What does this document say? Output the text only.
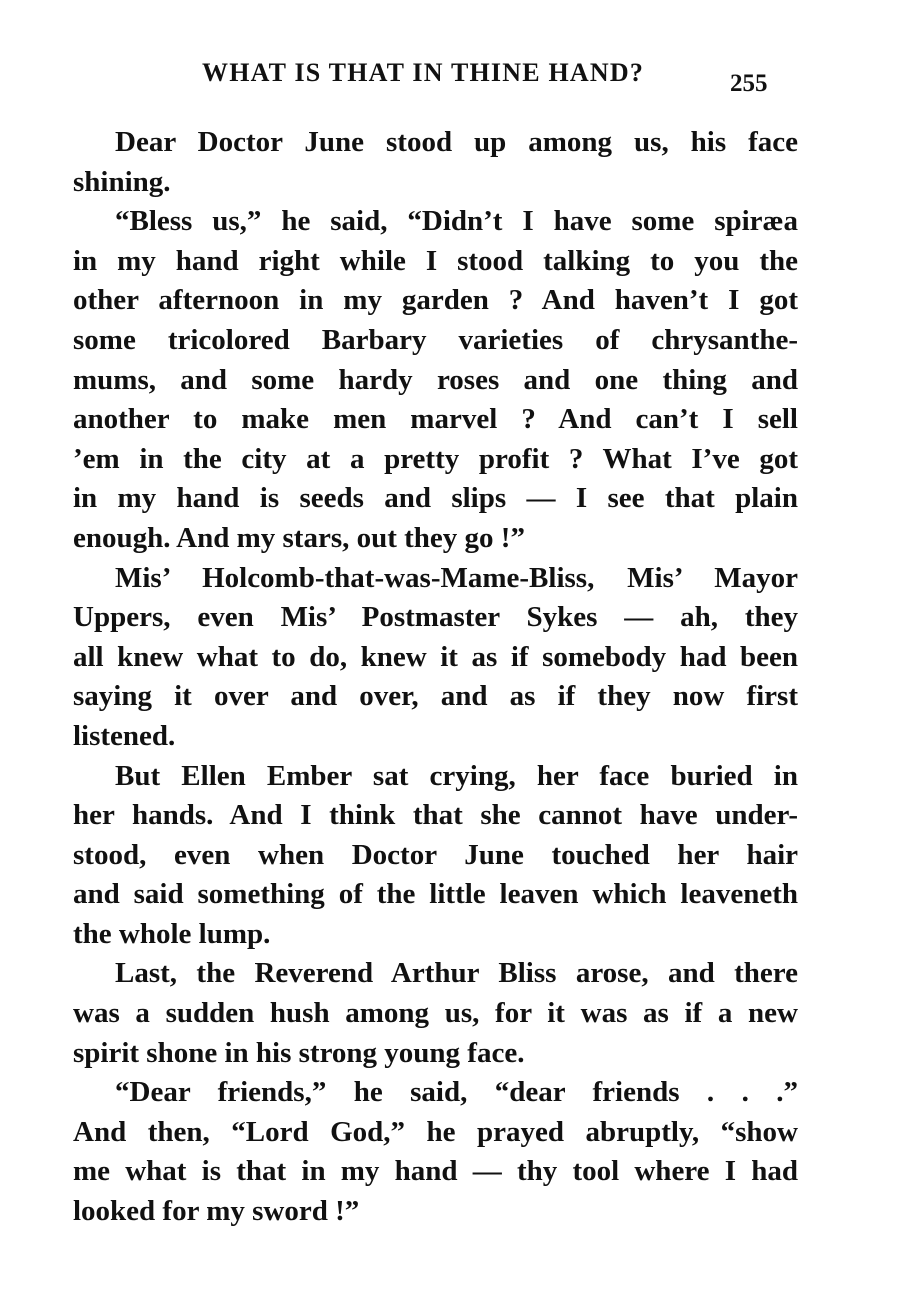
WHAT IS THAT IN THINE HAND?	255
Dear Doctor June stood up among us, his face
shining.
“Bless us,” he said, “Didn’t I have some spiræa
in my hand right while I stood talking to you the
other afternoon in my garden ? And haven’t I got
some tricolored Barbary varieties of chrysanthe-
mums, and some hardy roses and one thing and
another to make men marvel ? And can’t I sell
’em in the city at a pretty profit ? What I’ve got
in my hand is seeds and slips — I see that plain
enough. And my stars, out they go !”
Mis’ Holcomb-that-was-Mame-Bliss, Mis’ Mayor
Uppers, even Mis’ Postmaster Sykes — ah, they
all knew what to do, knew it as if somebody had been
saying it over and over, and as if they now first
listened.
But Ellen Ember sat crying, her face buried in
her hands. And I think that she cannot have under-
stood, even when Doctor June touched her hair
and said something of the little leaven which leaveneth
the whole lump.
Last, the Reverend Arthur Bliss arose, and there
was a sudden hush among us, for it was as if a new
spirit shone in his strong young face.
“Dear friends,” he said, “dear friends . . .”
And then, “Lord God,” he prayed abruptly, “show
me what is that in my hand — thy tool where I had
looked for my sword !”
